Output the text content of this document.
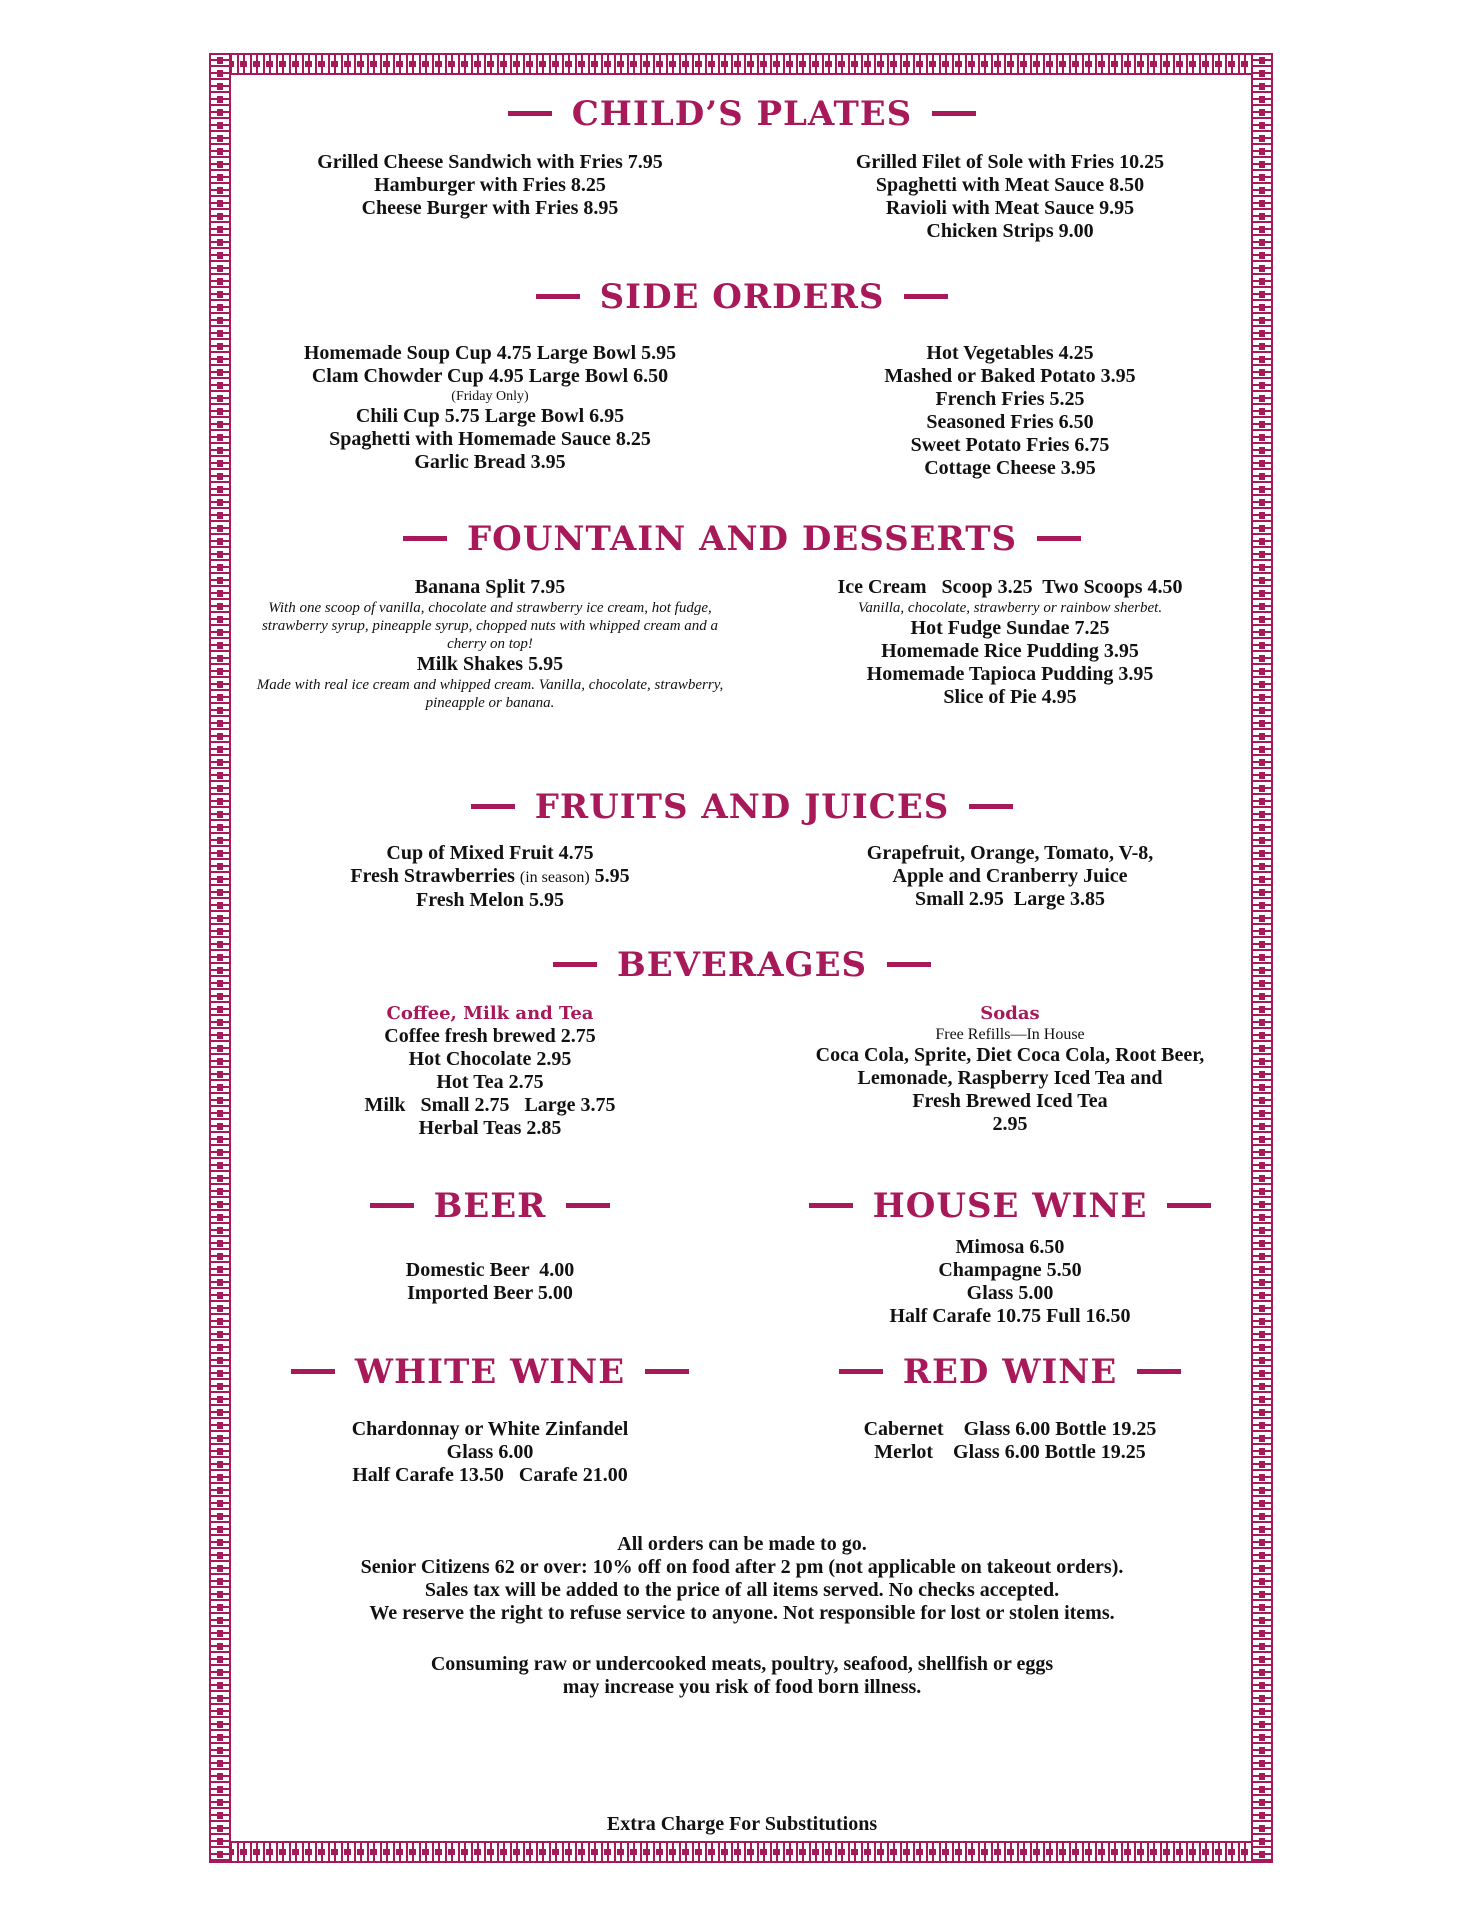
CHILD’S PLATES
Grilled Cheese Sandwich with Fries 7.95
Hamburger with Fries 8.25
Cheese Burger with Fries 8.95
Grilled Filet of Sole with Fries 10.25
Spaghetti with Meat Sauce 8.50
Ravioli with Meat Sauce 9.95
Chicken Strips 9.00
SIDE ORDERS
Homemade Soup Cup 4.75 Large Bowl 5.95
Clam Chowder Cup 4.95 Large Bowl 6.50
(Friday Only)
Chili Cup 5.75 Large Bowl 6.95
Spaghetti with Homemade Sauce 8.25
Garlic Bread 3.95
Hot Vegetables 4.25
Mashed or Baked Potato 3.95
French Fries 5.25
Seasoned Fries 6.50
Sweet Potato Fries 6.75
Cottage Cheese 3.95
FOUNTAIN AND DESSERTS
Banana Split 7.95
With one scoop of vanilla, chocolate and strawberry ice cream, hot fudge, strawberry syrup, pineapple syrup, chopped nuts with whipped cream and a cherry on top!
Milk Shakes 5.95
Made with real ice cream and whipped cream. Vanilla, chocolate, strawberry, pineapple or banana.
Ice Cream   Scoop 3.25  Two Scoops 4.50
Vanilla, chocolate, strawberry or rainbow sherbet.
Hot Fudge Sundae 7.25
Homemade Rice Pudding 3.95
Homemade Tapioca Pudding 3.95
Slice of Pie 4.95
FRUITS AND JUICES
Cup of Mixed Fruit 4.75
Fresh Strawberries (in season) 5.95
Fresh Melon 5.95
Grapefruit, Orange, Tomato, V-8,
Apple and Cranberry Juice
Small 2.95  Large 3.85
BEVERAGES
Coffee, Milk and Tea
Coffee fresh brewed 2.75
Hot Chocolate 2.95
Hot Tea 2.75
Milk   Small 2.75   Large 3.75
Herbal Teas 2.85
Sodas
Free Refills—In House
Coca Cola, Sprite, Diet Coca Cola, Root Beer,
Lemonade, Raspberry Iced Tea and
Fresh Brewed Iced Tea
2.95
BEER	HOUSE WINE
Domestic Beer  4.00
Imported Beer 5.00
Mimosa 6.50
Champagne 5.50
Glass 5.00
Half Carafe 10.75 Full 16.50
WHITE WINE	RED WINE
Chardonnay or White Zinfandel
Glass 6.00
Half Carafe 13.50   Carafe 21.00
Cabernet    Glass 6.00 Bottle 19.25
Merlot    Glass 6.00 Bottle 19.25
All orders can be made to go.
Senior Citizens 62 or over: 10% off on food after 2 pm (not applicable on takeout orders).
Sales tax will be added to the price of all items served. No checks accepted.
We reserve the right to refuse service to anyone. Not responsible for lost or stolen items.
Consuming raw or undercooked meats, poultry, seafood, shellfish or eggs
may increase you risk of food born illness.
Extra Charge For Substitutions
